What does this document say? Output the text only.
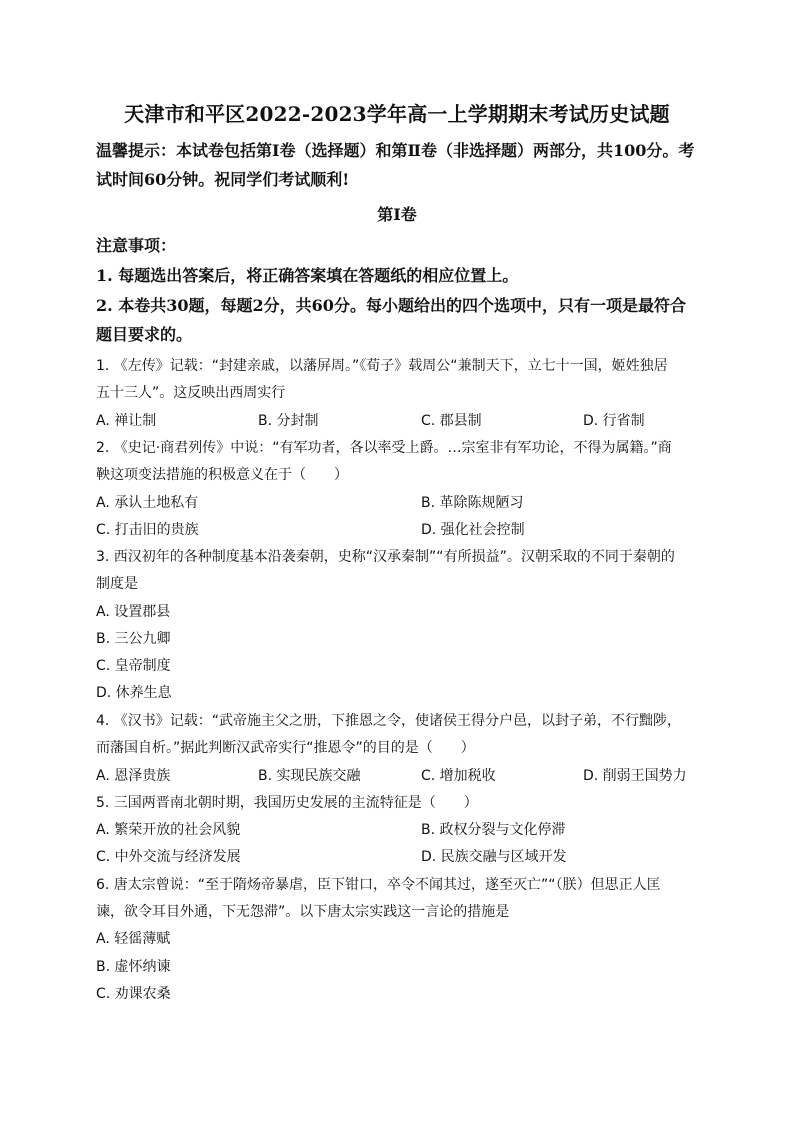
天津市和平区2022-2023学年高一上学期期末考试历史试题
温馨提示：本试卷包括第Ⅰ卷（选择题）和第Ⅱ卷（非选择题）两部分，共100分。考
试时间60分钟。祝同学们考试顺利!
第Ⅰ卷
注意事项：
1. 每题选出答案后，将正确答案填在答题纸的相应位置上。
2. 本卷共30题，每题2分，共60分。每小题给出的四个选项中，只有一项是最符合
题目要求的。
1. 《左传》记载：“封建亲戚，以藩屏周。”《荀子》载周公“兼制天下，立七十一国，姬姓独居
五十三人”。这反映出西周实行
A. 禅让制	B. 分封制	C. 郡县制	D. 行省制
2. 《史记·商君列传》中说：“有军功者，各以率受上爵。…宗室非有军功论，不得为属籍。”商
鞅这项变法措施的积极意义在于（　　）
A. 承认土地私有	B. 革除陈规陋习
C. 打击旧的贵族	D. 强化社会控制
3. 西汉初年的各种制度基本沿袭秦朝，史称“汉承秦制”“有所损益”。汉朝采取的不同于秦朝的
制度是
A. 设置郡县
B. 三公九卿
C. 皇帝制度
D. 休养生息
4. 《汉书》记载：“武帝施主父之册，下推恩之令，使诸侯王得分户邑，以封子弟，不行黜陟，
而藩国自析。”据此判断汉武帝实行“推恩令”的目的是（　　）
A. 恩泽贵族	B. 实现民族交融	C. 增加税收	D. 削弱王国势力
5. 三国两晋南北朝时期，我国历史发展的主流特征是（　　）
A. 繁荣开放的社会风貌	B. 政权分裂与文化停滞
C. 中外交流与经济发展	D. 民族交融与区域开发
6. 唐太宗曾说：“至于隋炀帝暴虐，臣下钳口，卒令不闻其过，遂至灭亡”“（朕）但思正人匡
谏，欲令耳目外通，下无怨滞”。以下唐太宗实践这一言论的措施是
A. 轻徭薄赋
B. 虚怀纳谏
C. 劝课农桑
